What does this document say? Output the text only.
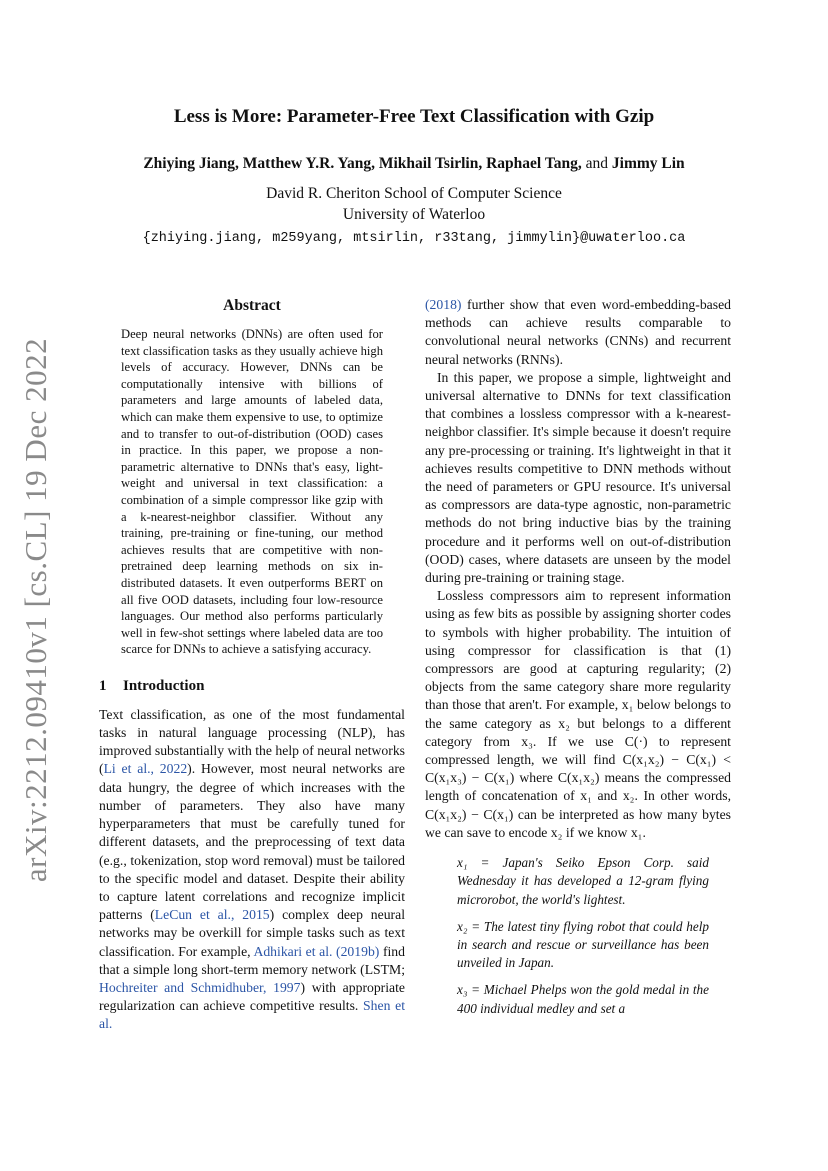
arXiv:2212.09410v1 [cs.CL] 19 Dec 2022
Less is More: Parameter-Free Text Classification with Gzip
Zhiying Jiang, Matthew Y.R. Yang, Mikhail Tsirlin, Raphael Tang, and Jimmy Lin
David R. Cheriton School of Computer Science
University of Waterloo
{zhiying.jiang, m259yang, mtsirlin, r33tang, jimmylin}@uwaterloo.ca
Abstract

Deep neural networks (DNNs) are often used for text classification tasks as they usually achieve high levels of accuracy. However, DNNs can be computationally intensive with billions of parameters and large amounts of labeled data, which can make them expensive to use, to optimize and to transfer to out-of-distribution (OOD) cases in practice. In this paper, we propose a non-parametric alternative to DNNs that's easy, light-weight and universal in text classification: a combination of a simple compressor like gzip with a k-nearest-neighbor classifier. Without any training, pre-training or fine-tuning, our method achieves results that are competitive with non-pretrained deep learning methods on six in-distributed datasets. It even outperforms BERT on all five OOD datasets, including four low-resource languages. Our method also performs particularly well in few-shot settings where labeled data are too scarce for DNNs to achieve a satisfying accuracy.

1 Introduction

Text classification, as one of the most fundamental tasks in natural language processing (NLP), has improved substantially with the help of neural networks (Li et al., 2022). However, most neural networks are data hungry, the degree of which increases with the number of parameters. They also have many hyperparameters that must be carefully tuned for different datasets, and the preprocessing of text data (e.g., tokenization, stop word removal) must be tailored to the specific model and dataset. Despite their ability to capture latent correlations and recognize implicit patterns (LeCun et al., 2015) complex deep neural networks may be overkill for simple tasks such as text classification. For example, Adhikari et al. (2019b) find that a simple long short-term memory network (LSTM; Hochreiter and Schmidhuber, 1997) with appropriate regularization can achieve competitive results. Shen et al.

(2018) further show that even word-embedding-based methods can achieve results comparable to convolutional neural networks (CNNs) and recurrent neural networks (RNNs).

In this paper, we propose a simple, lightweight and universal alternative to DNNs for text classification that combines a lossless compressor with a k-nearest-neighbor classifier. It's simple because it doesn't require any pre-processing or training. It's lightweight in that it achieves results competitive to DNN methods without the need of parameters or GPU resource. It's universal as compressors are data-type agnostic, non-parametric methods do not bring inductive bias by the training procedure and it performs well on out-of-distribution (OOD) cases, where datasets are unseen by the model during pre-training or training stage.

Lossless compressors aim to represent information using as few bits as possible by assigning shorter codes to symbols with higher probability. The intuition of using compressor for classification is that (1) compressors are good at capturing regularity; (2) objects from the same category share more regularity than those that aren't. For example, x₁ below belongs to the same category as x₂ but belongs to a different category from x₃. If we use C(·) to represent compressed length, we will find C(x₁x₂) − C(x₁) < C(x₁x₃) − C(x₁) where C(x₁x₂) means the compressed length of concatenation of x₁ and x₂. In other words, C(x₁x₂) − C(x₁) can be interpreted as how many bytes we can save to encode x₂ if we know x₁.

x₁ = Japan's Seiko Epson Corp. said Wednesday it has developed a 12-gram flying microrobot, the world's lightest.

x₂ = The latest tiny flying robot that could help in search and rescue or surveillance has been unveiled in Japan.

x₃ = Michael Phelps won the gold medal in the 400 individual medley and set a
